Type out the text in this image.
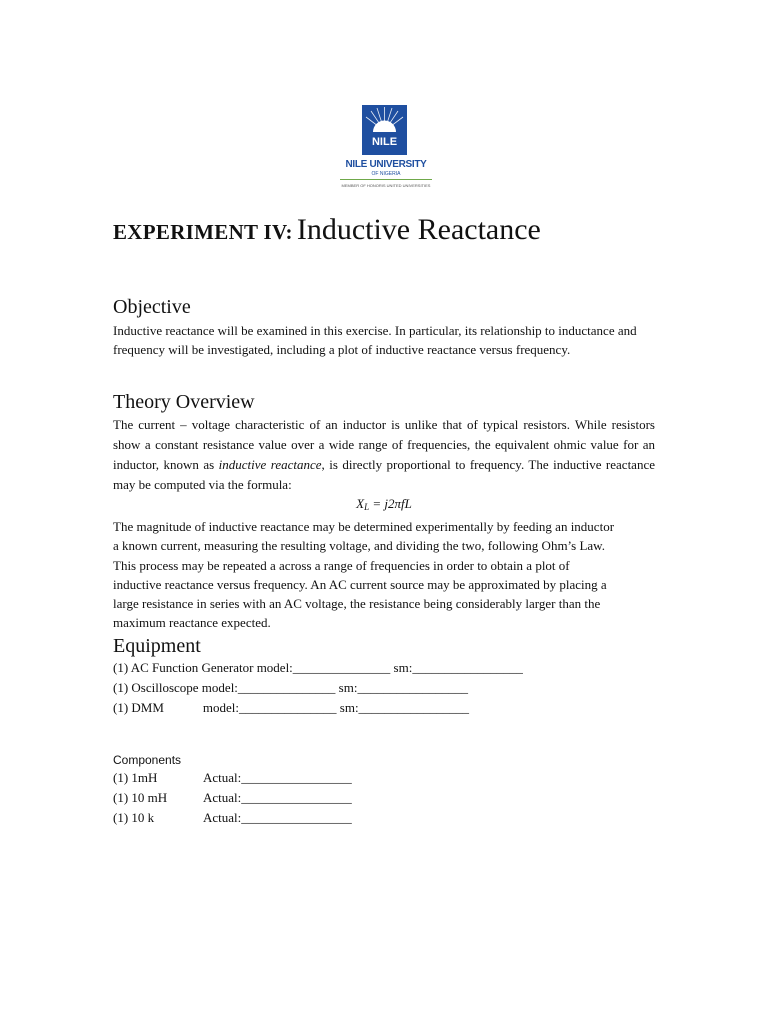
NILE
NILE UNIVERSITY
OF NIGERIA
MEMBER OF HONORIS UNITED UNIVERSITIES
EXPERIMENT IV: Inductive Reactance
Objective
Inductive reactance will be examined in this exercise. In particular, its relationship to inductance and frequency will be investigated, including a plot of inductive reactance versus frequency.
Theory Overview
The current – voltage characteristic of an inductor is unlike that of typical resistors. While resistors show a constant resistance value over a wide range of frequencies, the equivalent ohmic value for an inductor, known as inductive reactance, is directly proportional to frequency. The inductive reactance may be computed via the formula:
$X_L = j2\pi fL$
The magnitude of inductive reactance may be determined experimentally by feeding an inductor
a known current, measuring the resulting voltage, and dividing the two, following Ohm’s Law.
This process may be repeated a across a range of frequencies in order to obtain a plot of
inductive reactance versus frequency. An AC current source may be approximated by placing a
large resistance in series with an AC voltage, the resistance being considerably larger than the
maximum reactance expected.
Equipment
(1) AC Function Generator model:_______________ sm:_________________
(1) Oscilloscope model:_______________ sm:_________________
(1) DMM            model:_______________ sm:_________________
Components
(1) 1mH	Actual:_________________
(1) 10 mH	Actual:_________________
(1) 10 k	Actual:_________________
